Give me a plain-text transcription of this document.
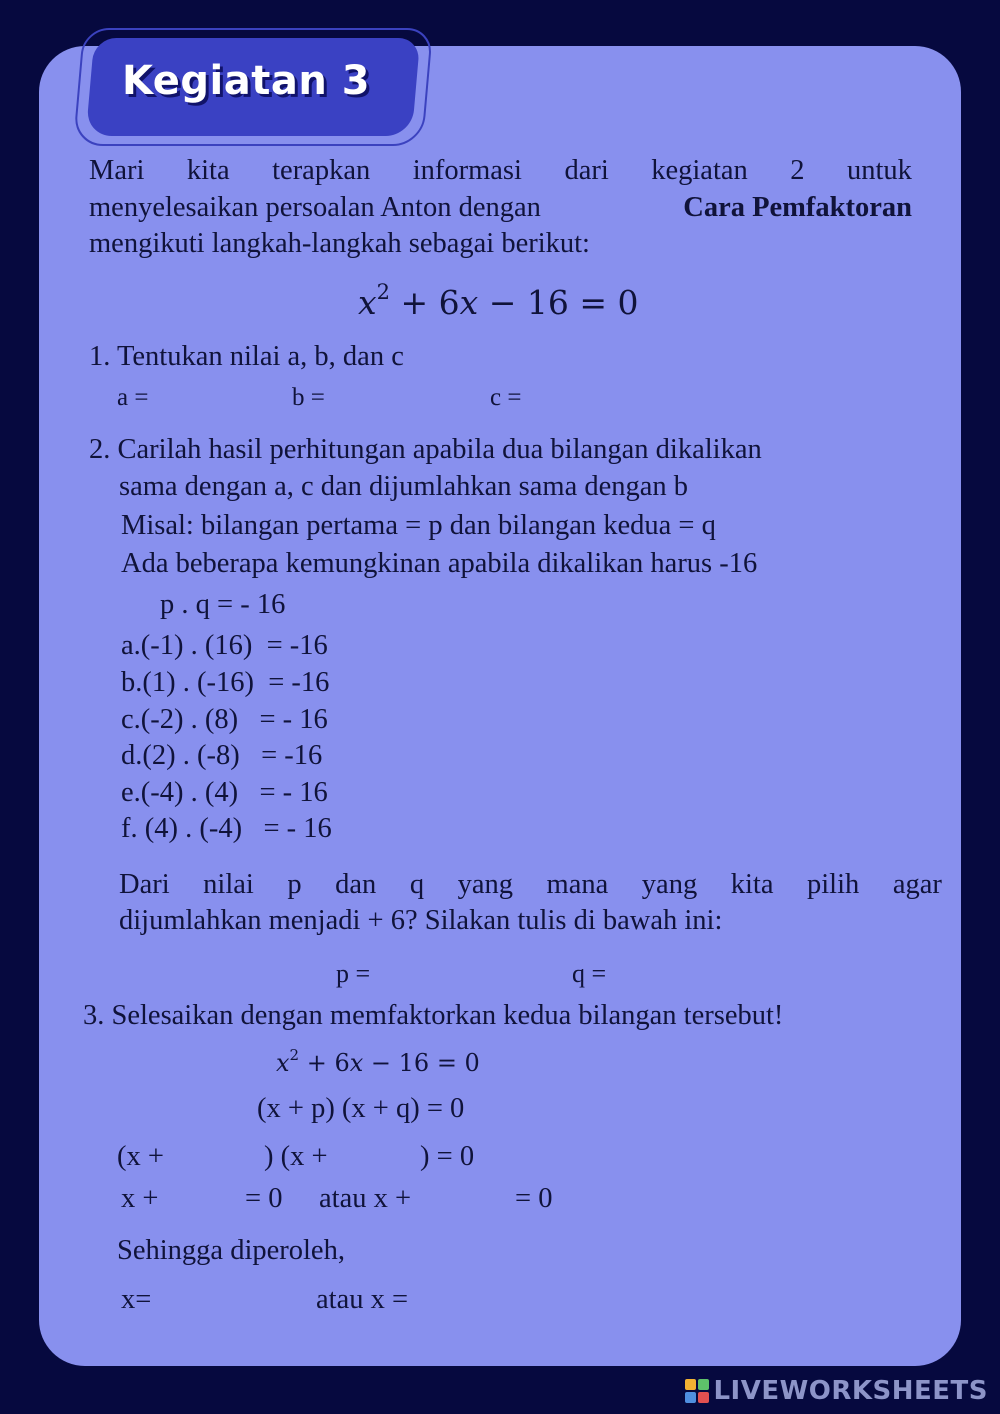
Kegiatan 3
Mari kita terapkan informasi dari kegiatan 2 untuk
menyelesaikan persoalan Anton dengan	Cara Pemfaktoran
mengikuti langkah-langkah sebagai berikut:
$x^2 + 6x - 16 = 0$
1. Tentukan nilai a, b, dan c
a =	b =	c =
2. Carilah hasil perhitungan apabila dua bilangan dikalikan
sama dengan a, c dan dijumlahkan sama dengan b
Misal: bilangan pertama = p dan bilangan kedua = q
Ada beberapa kemungkinan apabila dikalikan harus -16
p . q = - 16
a.(-1) . (16)  = -16
b.(1) . (-16)  = -16
c.(-2) . (8)   = - 16
d.(2) . (-8)   = -16
e.(-4) . (4)   = - 16
f. (4) . (-4)   = - 16
Dari nilai p dan q yang mana yang kita pilih agar
dijumlahkan menjadi + 6? Silakan tulis di bawah ini:
p =	q =
3. Selesaikan dengan memfaktorkan kedua bilangan tersebut!
$x^2 + 6x - 16 = 0$
(x + p) (x + q) = 0
(x +	) (x +	) = 0
x +	= 0 atau x +	= 0
Sehingga diperoleh,
x=	atau x =
LIVEWORKSHEETS
